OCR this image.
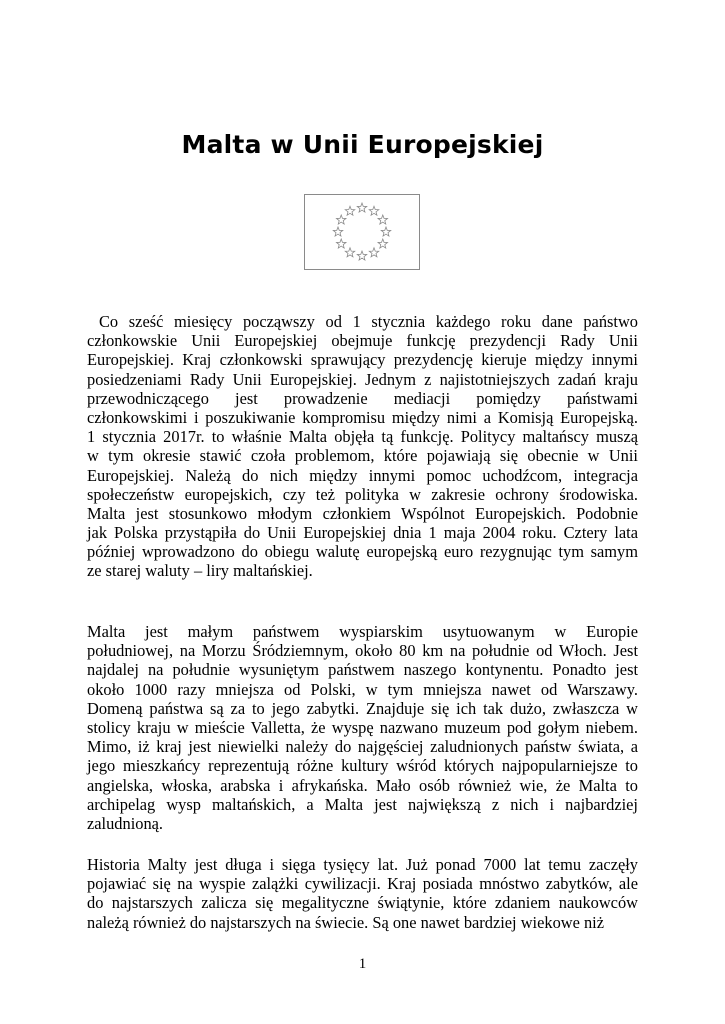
Malta w Unii Europejskiej
Co sześć miesięcy począwszy od 1 stycznia każdego roku dane państwo
członkowskie Unii Europejskiej obejmuje funkcję prezydencji Rady Unii
Europejskiej. Kraj członkowski sprawujący prezydencję kieruje między innymi
posiedzeniami Rady Unii Europejskiej. Jednym z najistotniejszych zadań kraju
przewodniczącego jest prowadzenie mediacji pomiędzy państwami
członkowskimi i poszukiwanie kompromisu między nimi a Komisją Europejską.
1 stycznia 2017r. to właśnie Malta objęła tą funkcję. Politycy maltańscy muszą
w tym okresie stawić czoła problemom, które pojawiają się obecnie w Unii
Europejskiej. Należą do nich między innymi pomoc uchodźcom, integracja
społeczeństw europejskich, czy też polityka w zakresie ochrony środowiska.
Malta jest stosunkowo młodym członkiem Wspólnot Europejskich. Podobnie
jak Polska przystąpiła do Unii Europejskiej dnia 1 maja 2004 roku. Cztery lata
później wprowadzono do obiegu walutę europejską euro rezygnując tym samym
ze starej waluty – liry maltańskiej.
Malta jest małym państwem wyspiarskim usytuowanym w Europie
południowej, na Morzu Śródziemnym, około 80 km na południe od Włoch. Jest
najdalej na południe wysuniętym państwem naszego kontynentu. Ponadto jest
około 1000 razy mniejsza od Polski, w tym mniejsza nawet od Warszawy.
Domeną państwa są za to jego zabytki. Znajduje się ich tak dużo, zwłaszcza w
stolicy kraju w mieście Valletta, że wyspę nazwano muzeum pod gołym niebem.
Mimo, iż kraj jest niewielki należy do najgęściej zaludnionych państw świata, a
jego mieszkańcy reprezentują różne kultury wśród których najpopularniejsze to
angielska, włoska, arabska i afrykańska. Mało osób również wie, że Malta to
archipelag wysp maltańskich, a Malta jest największą z nich i najbardziej
zaludnioną.
Historia Malty jest długa i sięga tysięcy lat. Już ponad 7000 lat temu zaczęły
pojawiać się na wyspie zalążki cywilizacji. Kraj posiada mnóstwo zabytków, ale
do najstarszych zalicza się megalityczne świątynie, które zdaniem naukowców
należą również do najstarszych na świecie. Są one nawet bardziej wiekowe niż
1
